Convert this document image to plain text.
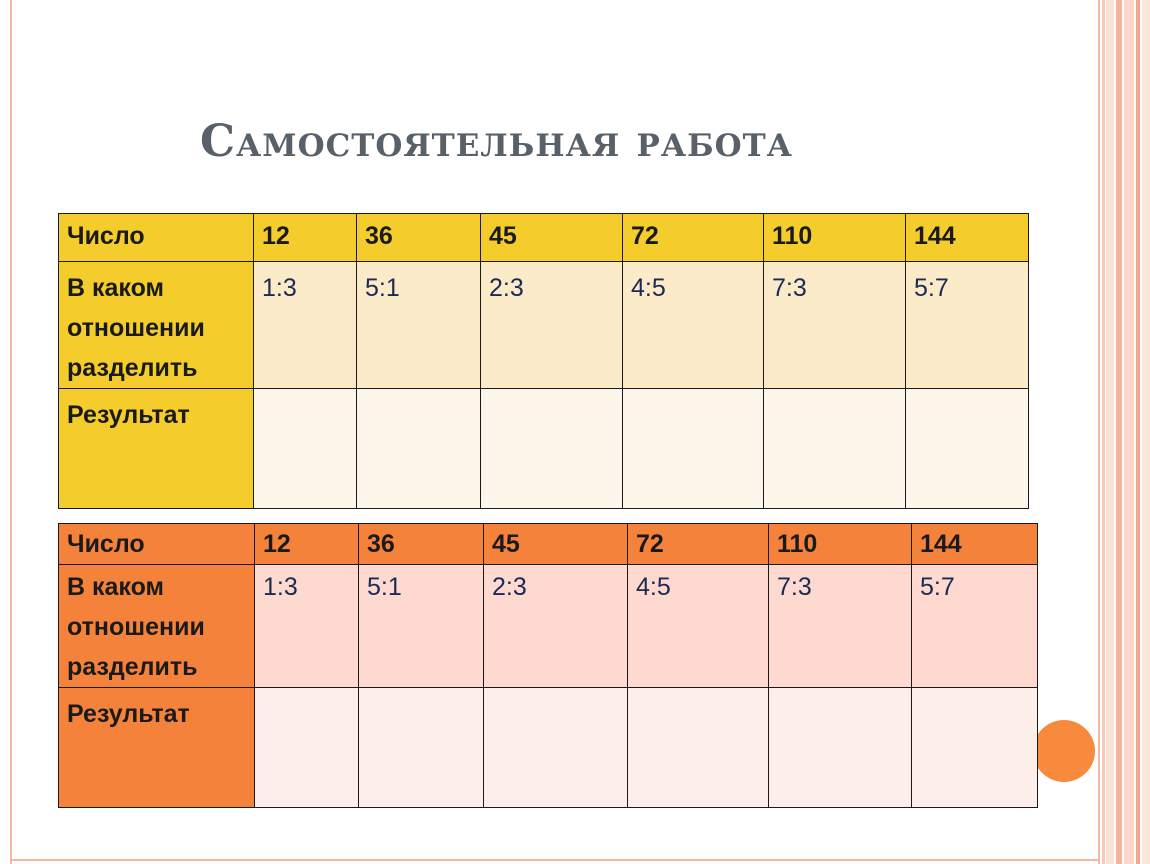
Самостоятельная работа
Число	12	36	45	72	110	144
В каком отношении разделить	1:3	5:1	2:3	4:5	7:3	5:7
Результат						
Число	12	36	45	72	110	144
В каком отношении разделить	1:3	5:1	2:3	4:5	7:3	5:7
Результат						
